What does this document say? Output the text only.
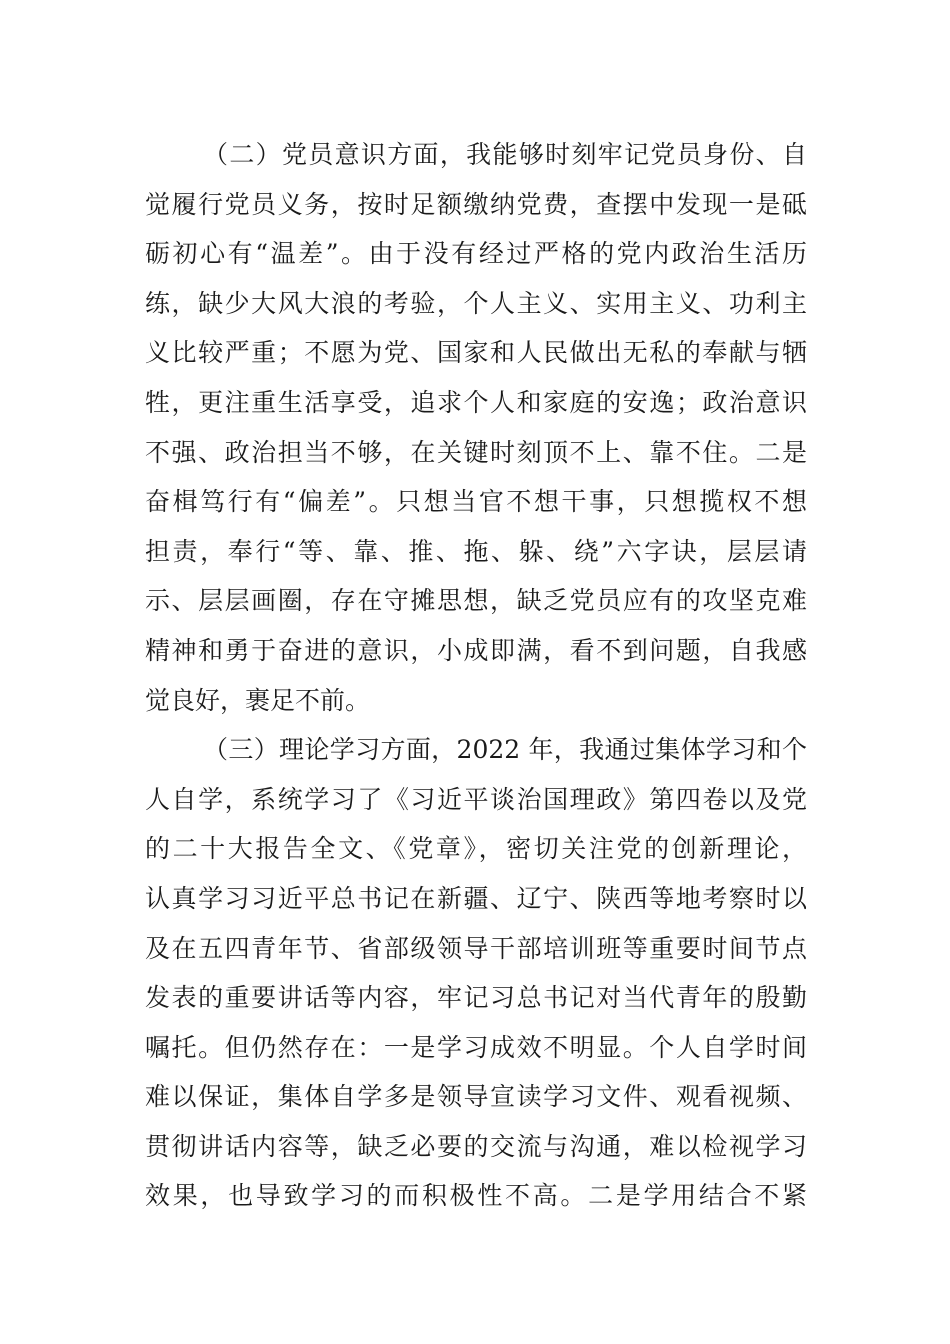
（二）党员意识方面，我能够时刻牢记党员身份、自
觉履行党员义务，按时足额缴纳党费，查摆中发现一是砥
砺初心有“温差”。由于没有经过严格的党内政治生活历
练，缺少大风大浪的考验，个人主义、实用主义、功利主
义比较严重；不愿为党、国家和人民做出无私的奉献与牺
牲，更注重生活享受，追求个人和家庭的安逸；政治意识
不强、政治担当不够，在关键时刻顶不上、靠不住。二是
奋楫笃行有“偏差”。只想当官不想干事，只想揽权不想
担责，奉行“等、靠、推、拖、躲、绕”六字诀，层层请
示、层层画圈，存在守摊思想，缺乏党员应有的攻坚克难
精神和勇于奋进的意识，小成即满，看不到问题，自我感
觉良好，裹足不前。
（三）理论学习方面，2022 年，我通过集体学习和个
人自学，系统学习了《习近平谈治国理政》第四卷以及党
的二十大报告全文、《党章》，密切关注党的创新理论，
认真学习习近平总书记在新疆、辽宁、陕西等地考察时以
及在五四青年节、省部级领导干部培训班等重要时间节点
发表的重要讲话等内容，牢记习总书记对当代青年的殷勤
嘱托。但仍然存在：一是学习成效不明显。个人自学时间
难以保证，集体自学多是领导宣读学习文件、观看视频、
贯彻讲话内容等，缺乏必要的交流与沟通，难以检视学习
效果，也导致学习的而积极性不高。二是学用结合不紧
